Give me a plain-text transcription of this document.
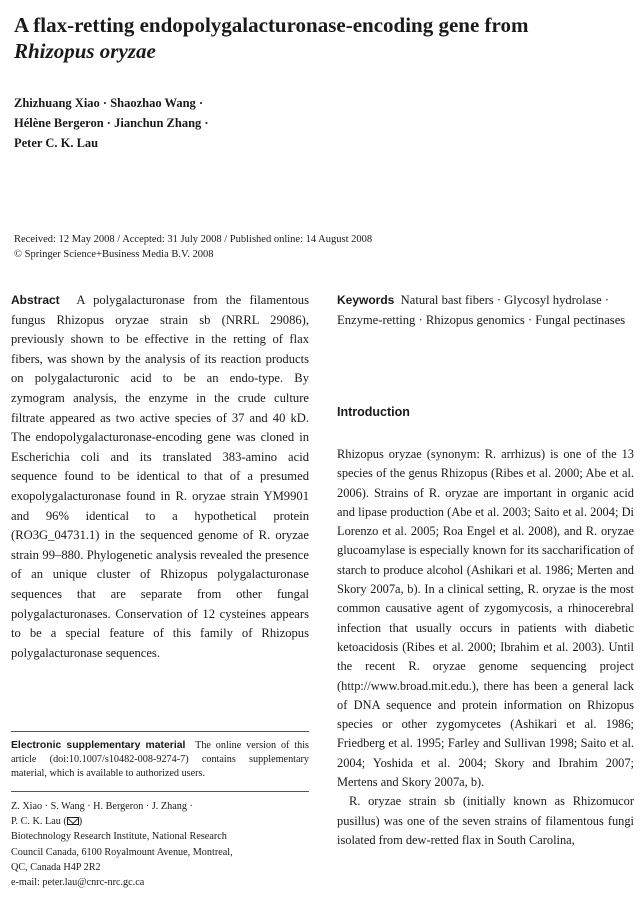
A flax-retting endopolygalacturonase-encoding gene from Rhizopus oryzae
Zhizhuang Xiao · Shaozhao Wang ·
Hélène Bergeron · Jianchun Zhang ·
Peter C. K. Lau
Received: 12 May 2008 / Accepted: 31 July 2008 / Published online: 14 August 2008
© Springer Science+Business Media B.V. 2008

Abstract A polygalacturonase from the filamentous fungus Rhizopus oryzae strain sb (NRRL 29086), previously shown to be effective in the retting of flax fibers, was shown by the analysis of its reaction products on polygalacturonic acid to be an endo-type. By zymogram analysis, the enzyme in the crude culture filtrate appeared as two active species of 37 and 40 kD. The endopolygalacturonase-encoding gene was cloned in Escherichia coli and its translated 383-amino acid sequence found to be identical to that of a presumed exopolygalacturonase found in R. oryzae strain YM9901 and 96% identical to a hypothetical protein (RO3G_04731.1) in the sequenced genome of R. oryzae strain 99–880. Phylogenetic analysis revealed the presence of an unique cluster of Rhizopus polygalacturonase sequences that are separate from other fungal polygalacturonases. Conservation of 12 cysteines appears to be a special feature of this family of Rhizopus polygalacturonase sequences.

Keywords Natural bast fibers · Glycosyl hydrolase · Enzyme-retting · Rhizopus genomics · Fungal pectinases
Introduction

Rhizopus oryzae (synonym: R. arrhizus) is one of the 13 species of the genus Rhizopus (Ribes et al. 2000; Abe et al. 2006). Strains of R. oryzae are important in organic acid and lipase production (Abe et al. 2003; Saito et al. 2004; Di Lorenzo et al. 2005; Roa Engel et al. 2008), and R. oryzae glucoamylase is especially known for its saccharification of starch to produce alcohol (Ashikari et al. 1986; Merten and Skory 2007a, b). In a clinical setting, R. oryzae is the most common causative agent of zygomycosis, a rhinocerebral infection that usually occurs in patients with diabetic ketoacidosis (Ribes et al. 2000; Ibrahim et al. 2003). Until the recent R. oryzae genome sequencing project (http://www.broad.mit.edu.), there has been a general lack of DNA sequence and protein information on Rhizopus species or other zygomycetes (Ashikari et al. 1986; Friedberg et al. 1995; Farley and Sullivan 1998; Saito et al. 2004; Yoshida et al. 2004; Skory and Ibrahim 2007; Mertens and Skory 2007a, b).

R. oryzae strain sb (initially known as Rhizomucor pusillus) was one of the seven strains of filamentous fungi isolated from dew-retted flax in South Carolina,

Electronic supplementary material The online version of this article (doi:10.1007/s10482-008-9274-7) contains supplementary material, which is available to authorized users.
Z. Xiao · S. Wang · H. Bergeron · J. Zhang ·
P. C. K. Lau ( )
Biotechnology Research Institute, National Research
Council Canada, 6100 Royalmount Avenue, Montreal,
QC, Canada H4P 2R2
e-mail: peter.lau@cnrc-nrc.gc.ca
